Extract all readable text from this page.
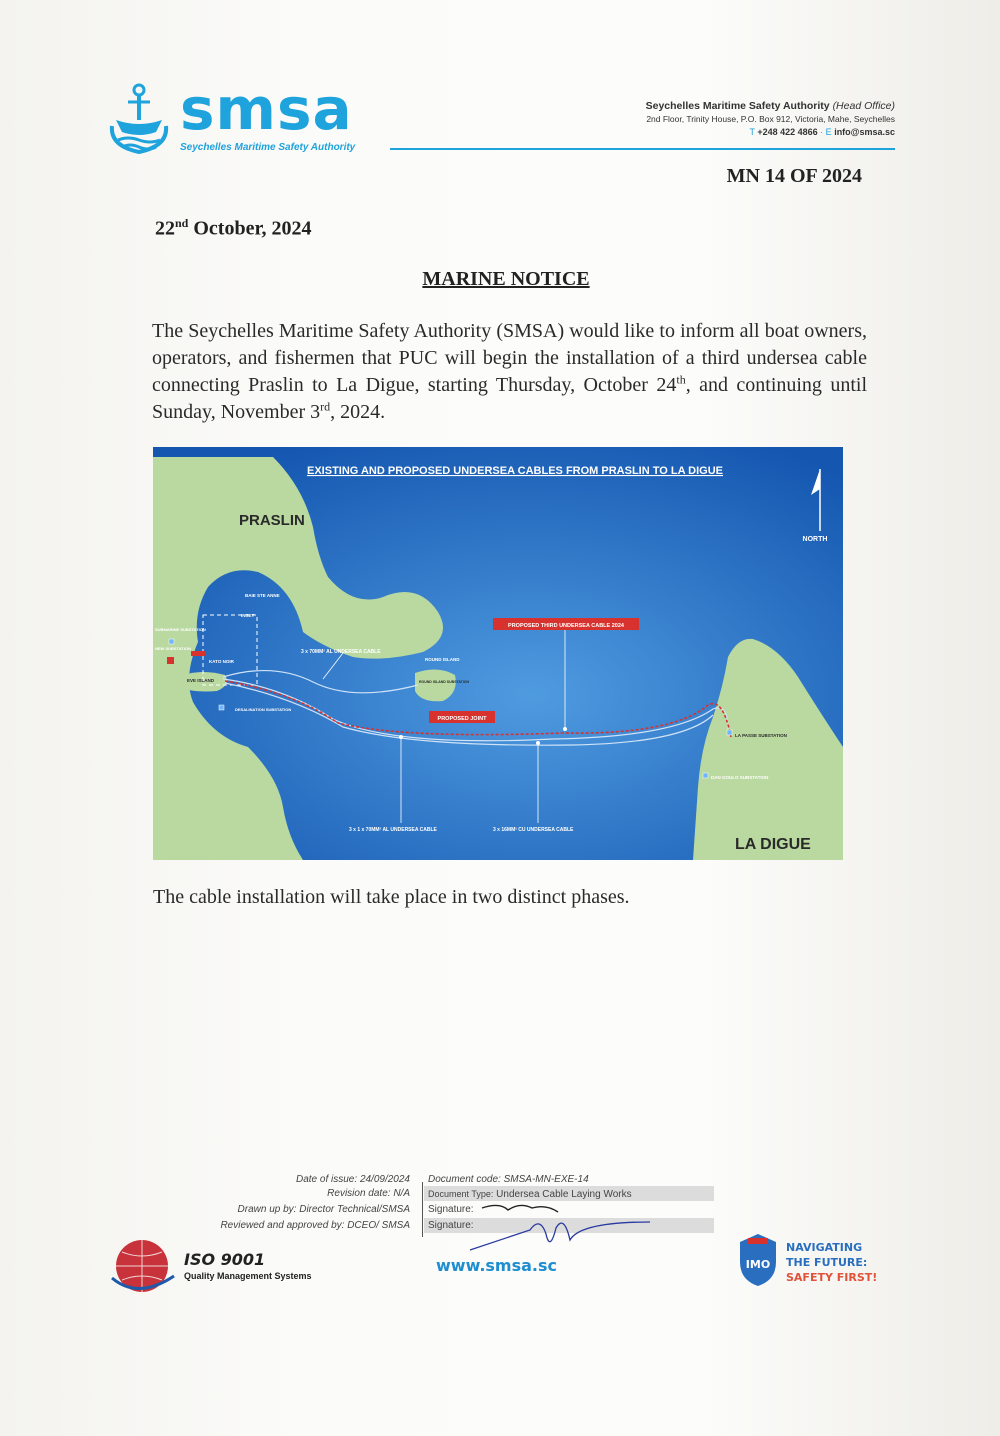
smsa
Seychelles Maritime Safety Authority
Seychelles Maritime Safety Authority (Head Office)
2nd Floor, Trinity House, P.O. Box 912, Victoria, Mahe, Seychelles
T +248 422 4866 · E info@smsa.sc
MN 14 OF 2024
22nd October, 2024
MARINE NOTICE
The Seychelles Maritime Safety Authority (SMSA) would like to inform all boat owners, operators, and fishermen that PUC will begin the installation of a third undersea cable connecting Praslin to La Digue, starting Thursday, October 24th, and continuing until Sunday, November 3rd, 2024.
EXISTING AND PROPOSED UNDERSEA CABLES FROM PRASLIN TO LA DIGUE
PRASLIN
LA DIGUE
NORTH
BAIE STE ANNE
INSET
SUBMARINE SUBSTATION
NEW SUBSTATION
KATO NOIR
EVE ISLAND
DESALINATION SUBSTATION
ROUND ISLAND
ROUND ISLAND SUBSTATION
3 x 70MM² AL UNDERSEA CABLE
3 x 1 x 70MM² AL UNDERSEA CABLE	3 x 16MM² CU UNDERSEA CABLE
PROPOSED THIRD UNDERSEA CABLE 2024
PROPOSED JOINT
LA PASSE SUBSTATION
DAN GOULO SUBSTATION
The cable installation will take place in two distinct phases.
Date of issue: 24/09/2024 Document code: SMSA-MN-EXE-14
Revision date: N/A Document Type: Undersea Cable Laying Works
Drawn up by: Director Technical/SMSA Signature:
Reviewed and approved by: DCEO/ SMSA Signature:
ISO 9001
Quality Management Systems
www.smsa.sc	IMO
NAVIGATING
THE FUTURE:
SAFETY FIRST!
